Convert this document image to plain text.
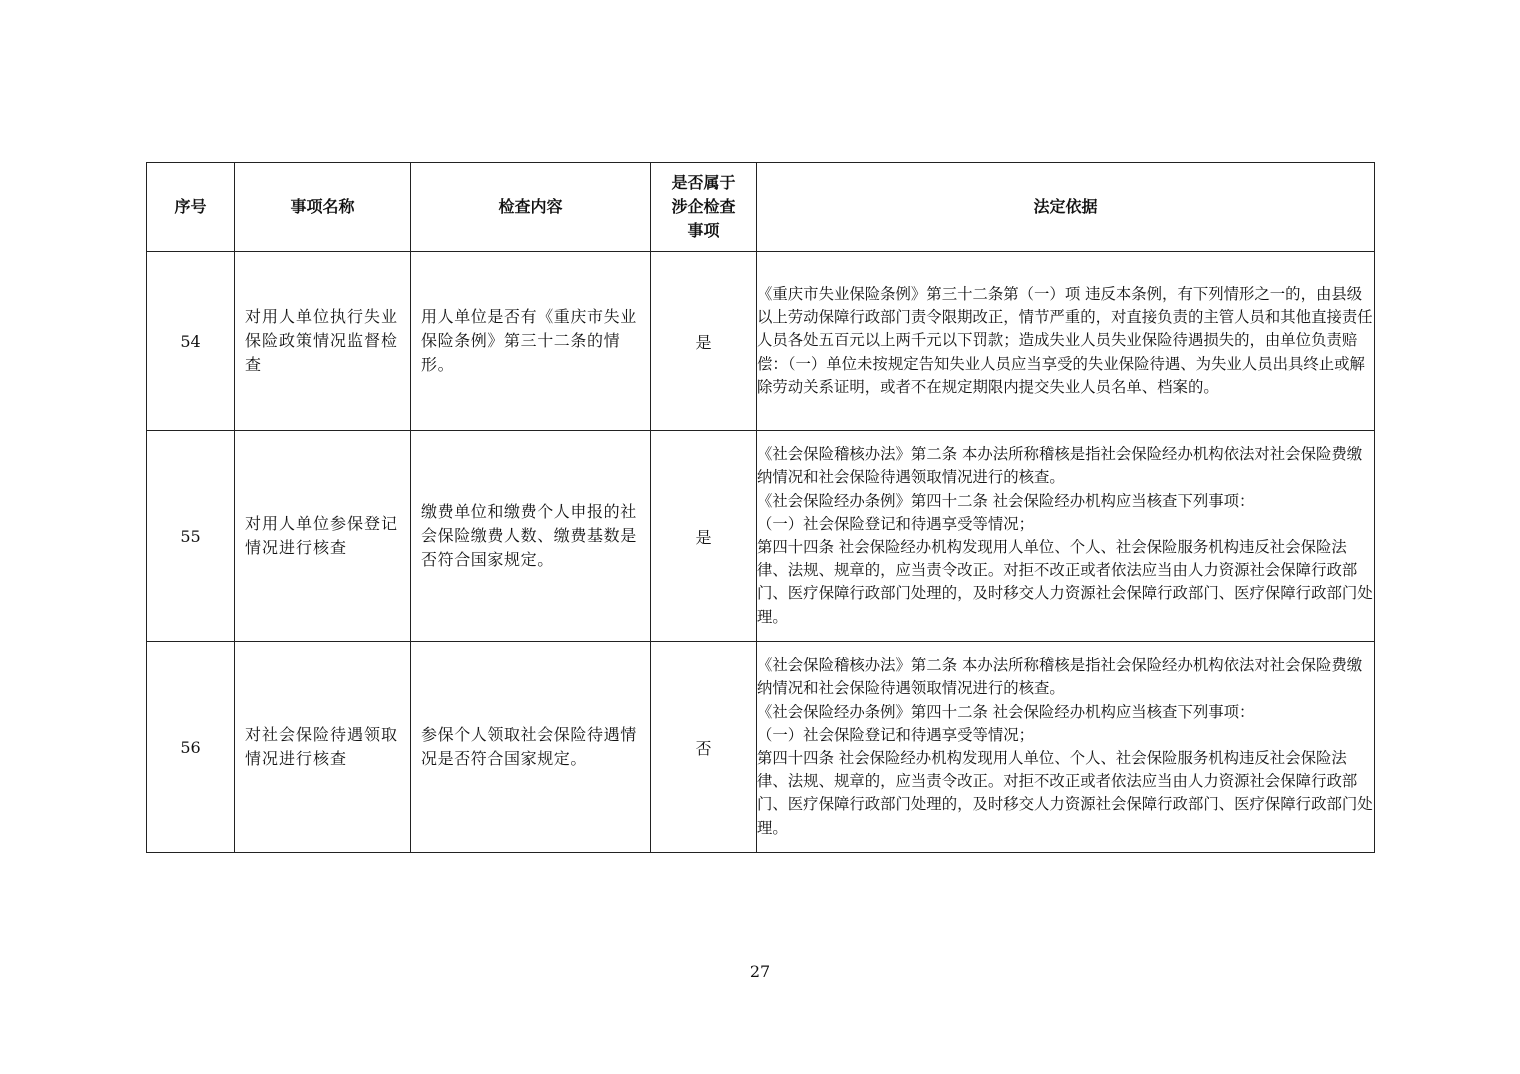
序号	事项名称	检查内容	是否属于涉企检查事项	法定依据
54	对用人单位执行失业保险政策情况监督检查	用人单位是否有《重庆市失业保险条例》第三十二条的情形。	是	《重庆市失业保险条例》第三十二条第（一）项 违反本条例，有下列情形之一的，由县级以上劳动保障行政部门责令限期改正，情节严重的，对直接负责的主管人员和其他直接责任人员各处五百元以上两千元以下罚款；造成失业人员失业保险待遇损失的，由单位负责赔偿：（一）单位未按规定告知失业人员应当享受的失业保险待遇、为失业人员出具终止或解除劳动关系证明，或者不在规定期限内提交失业人员名单、档案的。

55	对用人单位参保登记情况进行核查	缴费单位和缴费个人申报的社会保险缴费人数、缴费基数是否符合国家规定。	是	《社会保险稽核办法》第二条 本办法所称稽核是指社会保险经办机构依法对社会保险费缴纳情况和社会保险待遇领取情况进行的核查。

《社会保险经办条例》第四十二条 社会保险经办机构应当核查下列事项：

（一）社会保险登记和待遇享受等情况；

第四十四条 社会保险经办机构发现用人单位、个人、社会保险服务机构违反社会保险法律、法规、规章的，应当责令改正。对拒不改正或者依法应当由人力资源社会保障行政部门、医疗保障行政部门处理的，及时移交人力资源社会保障行政部门、医疗保障行政部门处理。

56	对社会保险待遇领取情况进行核查	参保个人领取社会保险待遇情况是否符合国家规定。	否	《社会保险稽核办法》第二条 本办法所称稽核是指社会保险经办机构依法对社会保险费缴纳情况和社会保险待遇领取情况进行的核查。

《社会保险经办条例》第四十二条 社会保险经办机构应当核查下列事项：

（一）社会保险登记和待遇享受等情况；

第四十四条 社会保险经办机构发现用人单位、个人、社会保险服务机构违反社会保险法律、法规、规章的，应当责令改正。对拒不改正或者依法应当由人力资源社会保障行政部门、医疗保障行政部门处理的，及时移交人力资源社会保障行政部门、医疗保障行政部门处理。

27
